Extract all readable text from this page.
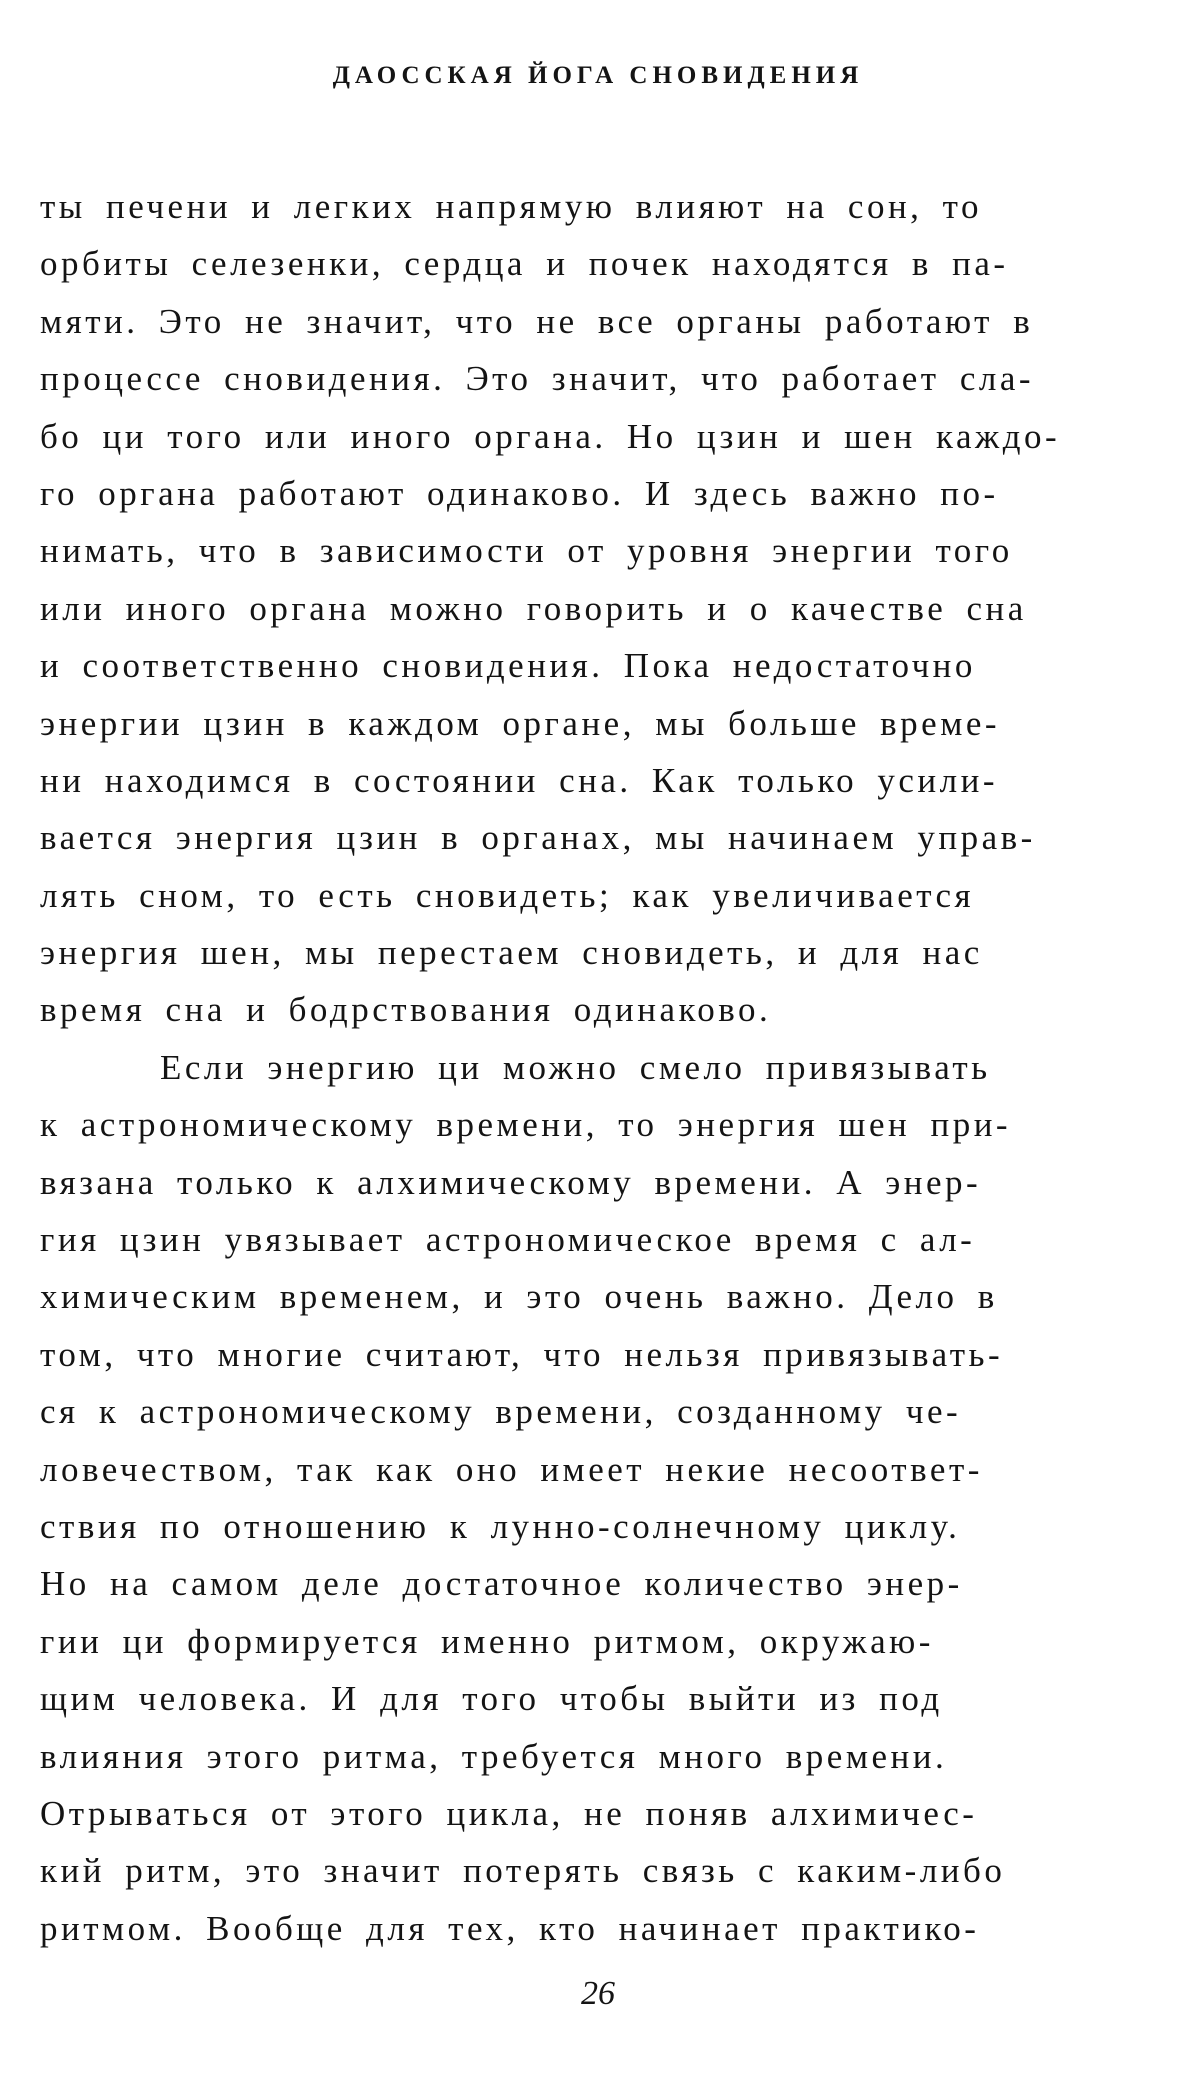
ДАОССКАЯ ЙОГА СНОВИДЕНИЯ
ты печени и легких напрямую влияют на сон, то
орбиты селезенки, сердца и почек находятся в па-
мяти. Это не значит, что не все органы работают в
процессе сновидения. Это значит, что работает сла-
бо ци того или иного органа. Но цзин и шен каждо-
го органа работают одинаково. И здесь важно по-
нимать, что в зависимости от уровня энергии того
или иного органа можно говорить и о качестве сна
и соответственно сновидения. Пока недостаточно
энергии цзин в каждом органе, мы больше време-
ни находимся в состоянии сна. Как только усили-
вается энергия цзин в органах, мы начинаем управ-
лять сном, то есть сновидеть; как увеличивается
энергия шен, мы перестаем сновидеть, и для нас
время сна и бодрствования одинаково.
Если энергию ци можно смело привязывать
к астрономическому времени, то энергия шен при-
вязана только к алхимическому времени. А энер-
гия цзин увязывает астрономическое время с ал-
химическим временем, и это очень важно. Дело в
том, что многие считают, что нельзя привязывать-
ся к астрономическому времени, созданному че-
ловечеством, так как оно имеет некие несоответ-
ствия по отношению к лунно-солнечному циклу.
Но на самом деле достаточное количество энер-
гии ци формируется именно ритмом, окружаю-
щим человека. И для того чтобы выйти из под
влияния этого ритма, требуется много времени.
Отрываться от этого цикла, не поняв алхимичес-
кий ритм, это значит потерять связь с каким-либо
ритмом. Вообще для тех, кто начинает практико-

26
